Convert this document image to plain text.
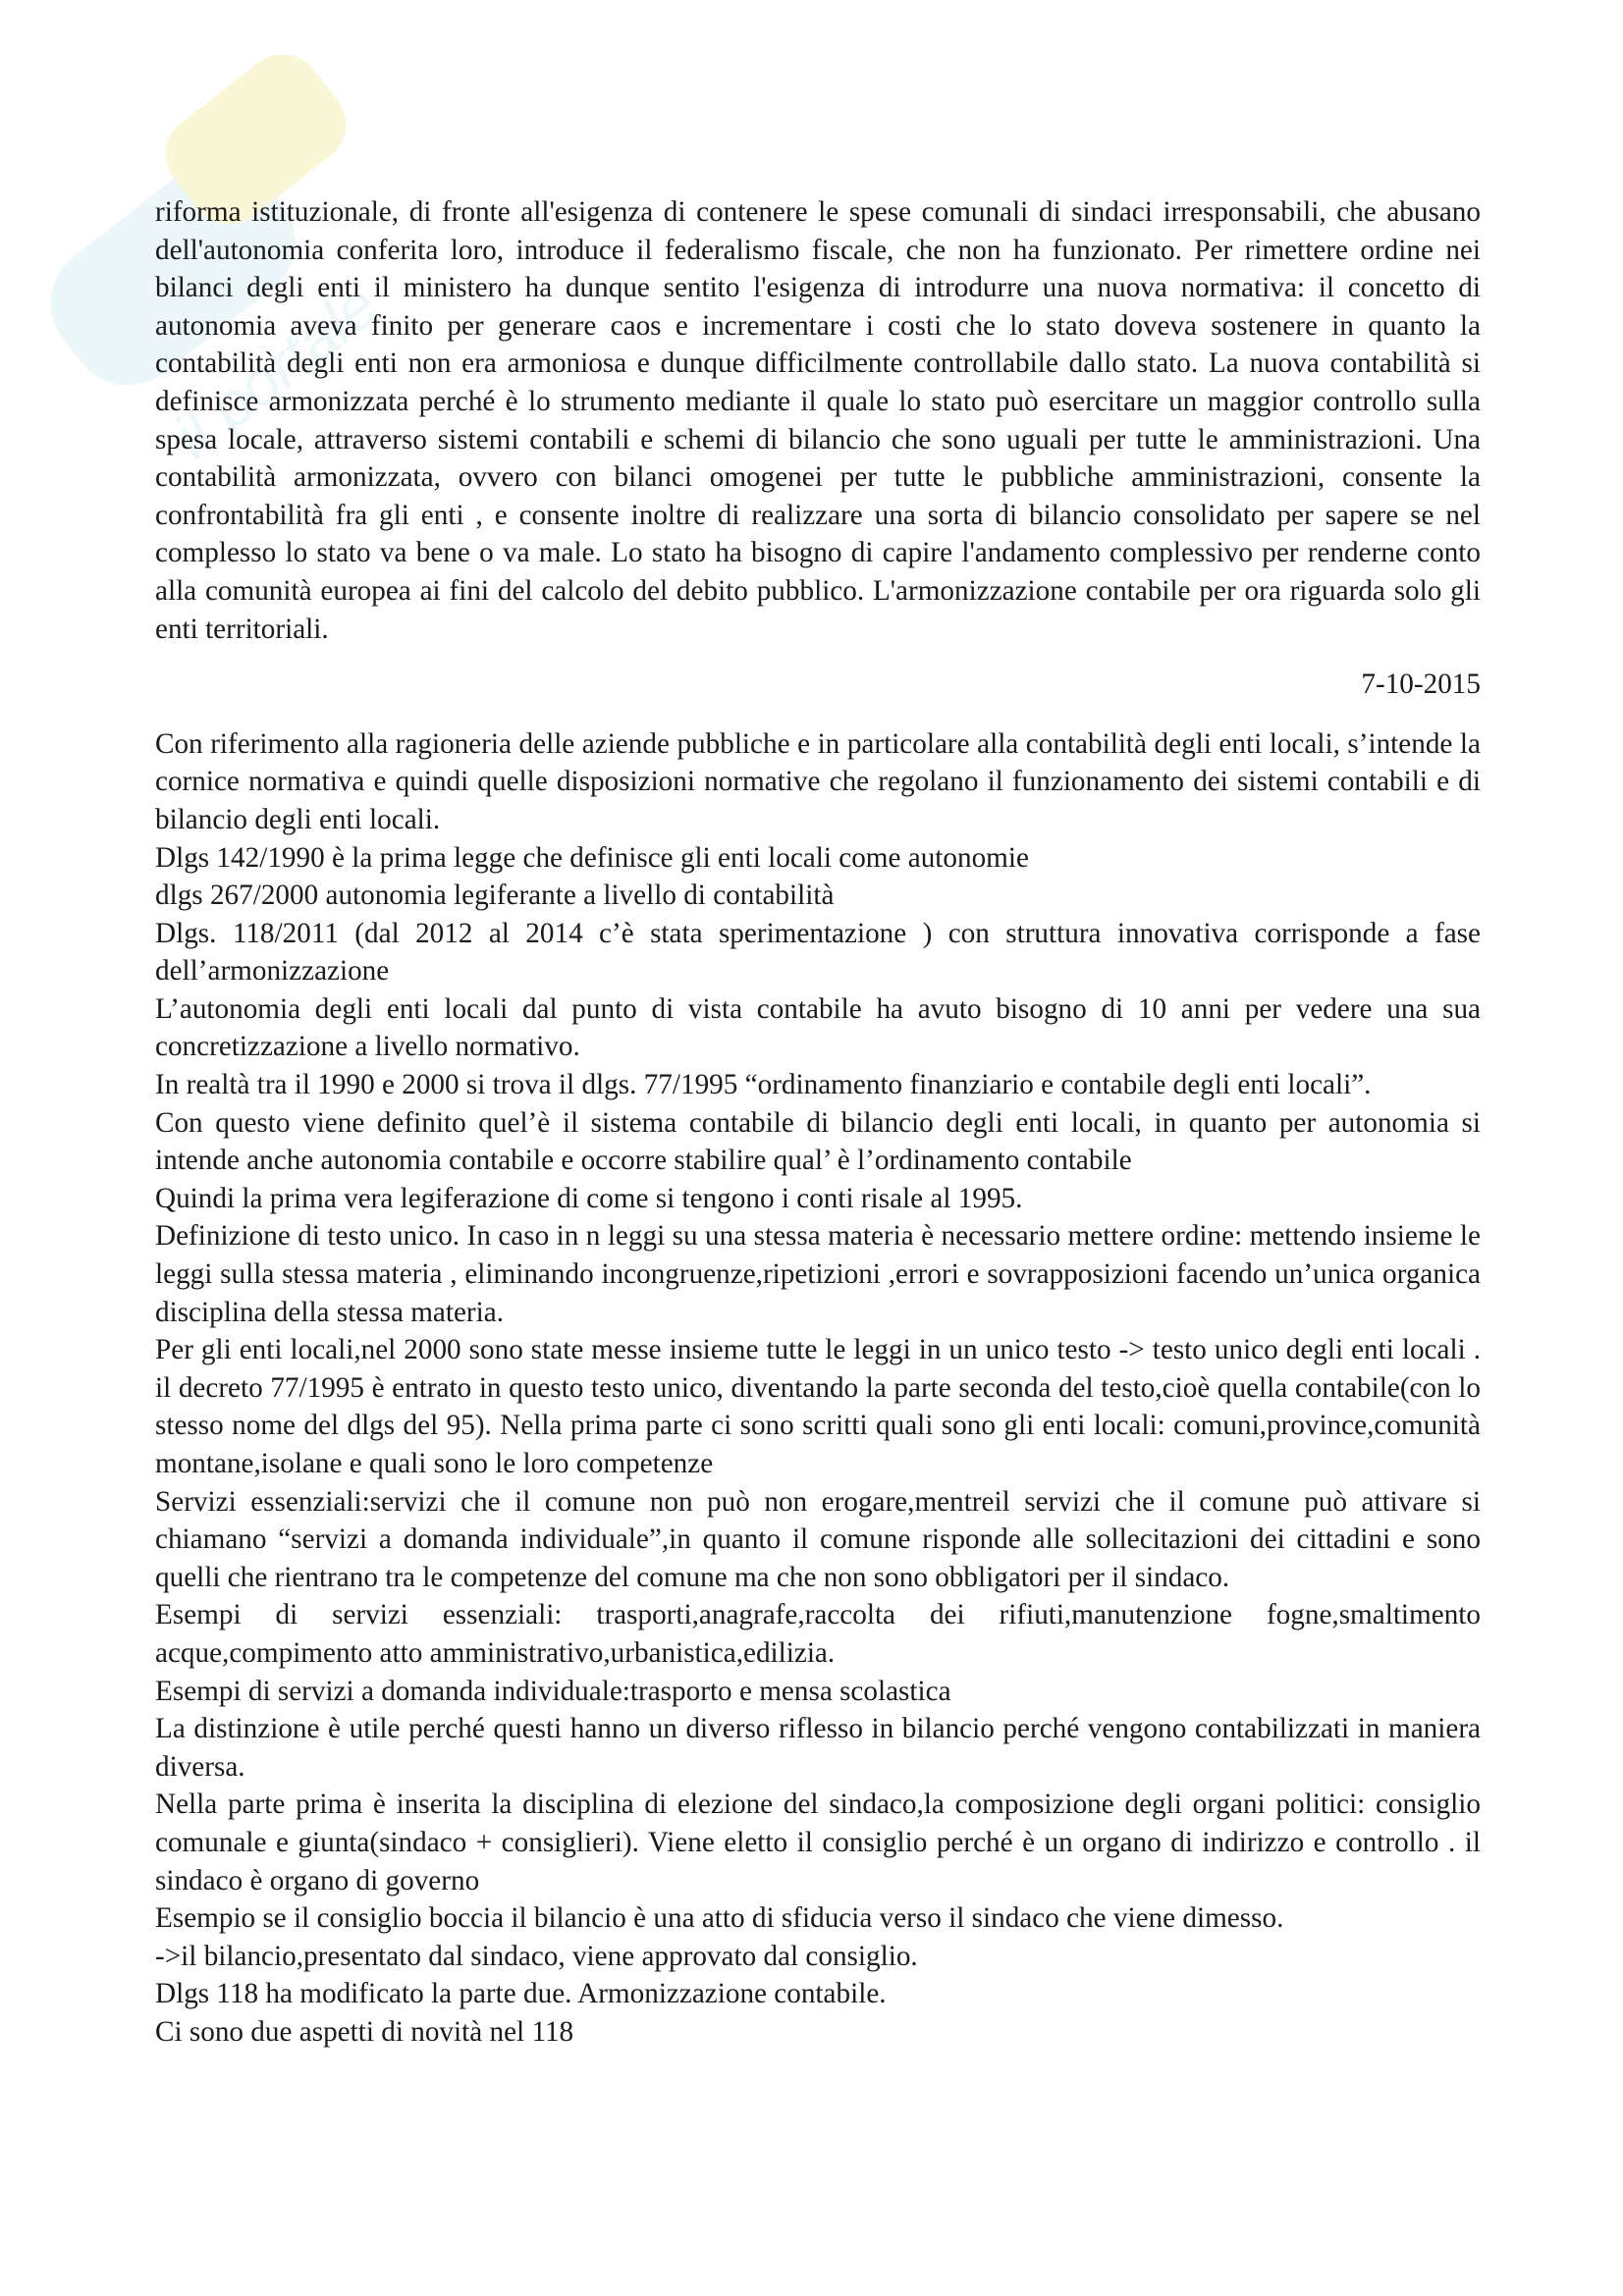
il portale

riforma istituzionale, di fronte all'esigenza di contenere le spese comunali di sindaci irresponsabili, che abusano dell'autonomia conferita loro, introduce il federalismo fiscale, che non ha funzionato. Per rimettere ordine nei bilanci degli enti il ministero ha dunque sentito l'esigenza di introdurre una nuova normativa: il concetto di autonomia aveva finito per generare caos e incrementare i costi che lo stato doveva sostenere in quanto la contabilità degli enti non era armoniosa e dunque difficilmente controllabile dallo stato. La nuova contabilità si definisce armonizzata perché è lo strumento mediante il quale lo stato può esercitare un maggior controllo sulla spesa locale, attraverso sistemi contabili e schemi di bilancio che sono uguali per tutte le amministrazioni. Una contabilità armonizzata, ovvero con bilanci omogenei per tutte le pubbliche amministrazioni, consente la confrontabilità fra gli enti , e consente inoltre di realizzare una sorta di bilancio consolidato per sapere se nel complesso lo stato va bene o va male. Lo stato ha bisogno di capire l'andamento complessivo per renderne conto alla comunità europea ai fini del calcolo del debito pubblico. L'armonizzazione contabile per ora riguarda solo gli enti territoriali.

7-10-2015

Con riferimento alla ragioneria delle aziende pubbliche e in particolare alla contabilità degli enti locali, s’intende la cornice normativa e quindi quelle disposizioni normative che regolano il funzionamento dei sistemi contabili e di bilancio degli enti locali.

Dlgs 142/1990 è la prima legge che definisce gli enti locali come autonomie

dlgs 267/2000 autonomia legiferante a livello di contabilità

Dlgs. 118/2011 (dal 2012 al 2014 c’è stata sperimentazione ) con struttura innovativa corrisponde a fase dell’armonizzazione

L’autonomia degli enti locali dal punto di vista contabile ha avuto bisogno di 10 anni per vedere una sua concretizzazione a livello normativo.

In realtà tra il 1990 e 2000 si trova il dlgs. 77/1995 “ordinamento finanziario e contabile degli enti locali”.

Con questo viene definito quel’è il sistema contabile di bilancio degli enti locali, in quanto per autonomia si intende anche autonomia contabile e occorre stabilire qual’ è l’ordinamento contabile

Quindi la prima vera legiferazione di come si tengono i conti risale al 1995.

Definizione di testo unico. In caso in n leggi su una stessa materia è necessario mettere ordine: mettendo insieme le leggi sulla stessa materia , eliminando incongruenze,ripetizioni ,errori e sovrapposizioni facendo un’unica organica disciplina della stessa materia.

Per gli enti locali,nel 2000 sono state messe insieme tutte le leggi in un unico testo -> testo unico degli enti locali . il decreto 77/1995 è entrato in questo testo unico, diventando la parte seconda del testo,cioè quella contabile(con lo stesso nome del dlgs del 95). Nella prima parte ci sono scritti quali sono gli enti locali: comuni,province,comunità montane,isolane e quali sono le loro competenze

Servizi essenziali:servizi che il comune non può non erogare,mentreil servizi che il comune può attivare si chiamano “servizi a domanda individuale”,in quanto il comune risponde alle sollecitazioni dei cittadini e sono quelli che rientrano tra le competenze del comune ma che non sono obbligatori per il sindaco.

Esempi di servizi essenziali: trasporti,anagrafe,raccolta dei rifiuti,manutenzione fogne,smaltimento acque,compimento atto amministrativo,urbanistica,edilizia.

Esempi di servizi a domanda individuale:trasporto e mensa scolastica

La distinzione è utile perché questi hanno un diverso riflesso in bilancio perché vengono contabilizzati in maniera diversa.

Nella parte prima è inserita la disciplina di elezione del sindaco,la composizione degli organi politici: consiglio comunale e giunta(sindaco + consiglieri). Viene eletto il consiglio perché è un organo di indirizzo e controllo . il sindaco è organo di governo

Esempio se il consiglio boccia il bilancio è una atto di sfiducia verso il sindaco che viene dimesso.

->il bilancio,presentato dal sindaco, viene approvato dal consiglio.

Dlgs 118 ha modificato la parte due. Armonizzazione contabile.

Ci sono due aspetti di novità nel 118
